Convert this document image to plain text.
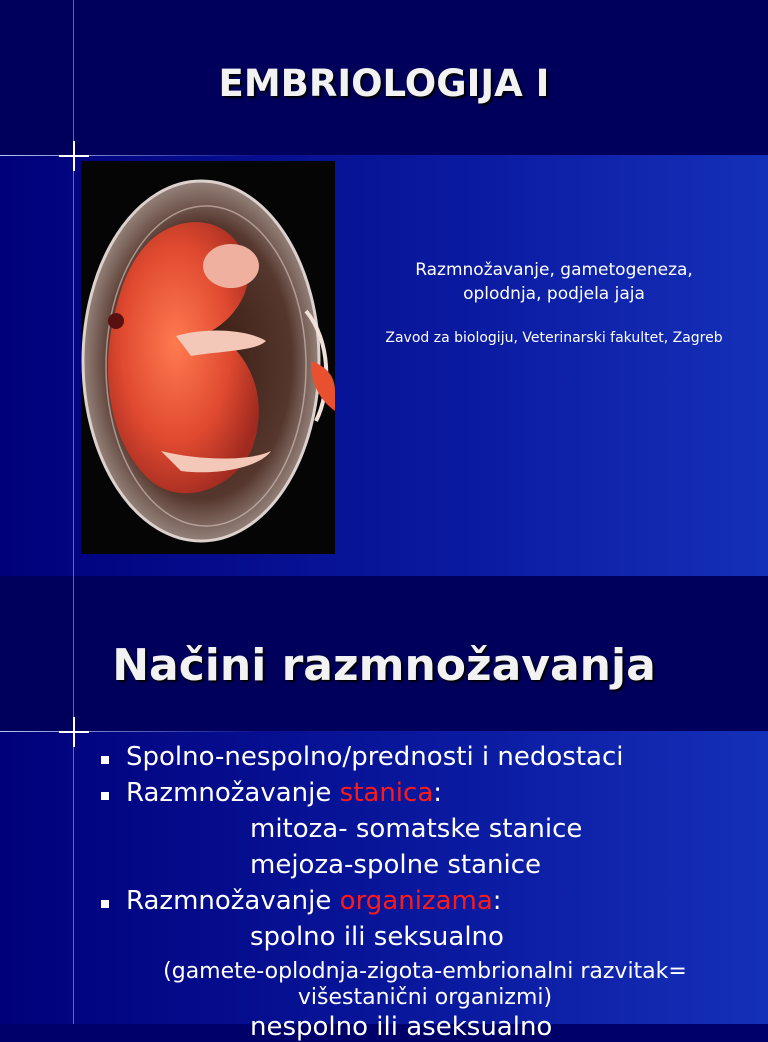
EMBRIOLOGIJA I
Razmnožavanje, gametogeneza,
oplodnja, podjela jaja
Zavod za biologiju, Veterinarski fakultet, Zagreb
Načini razmnožavanja
Spolno-nespolno/prednosti i nedostaci
Razmnožavanje stanica:
mitoza- somatske stanice
mejoza-spolne stanice
Razmnožavanje organizama:
spolno ili seksualno
(gamete-oplodnja-zigota-embrionalni razvitak=
višestanični organizmi)
nespolno ili aseksualno
